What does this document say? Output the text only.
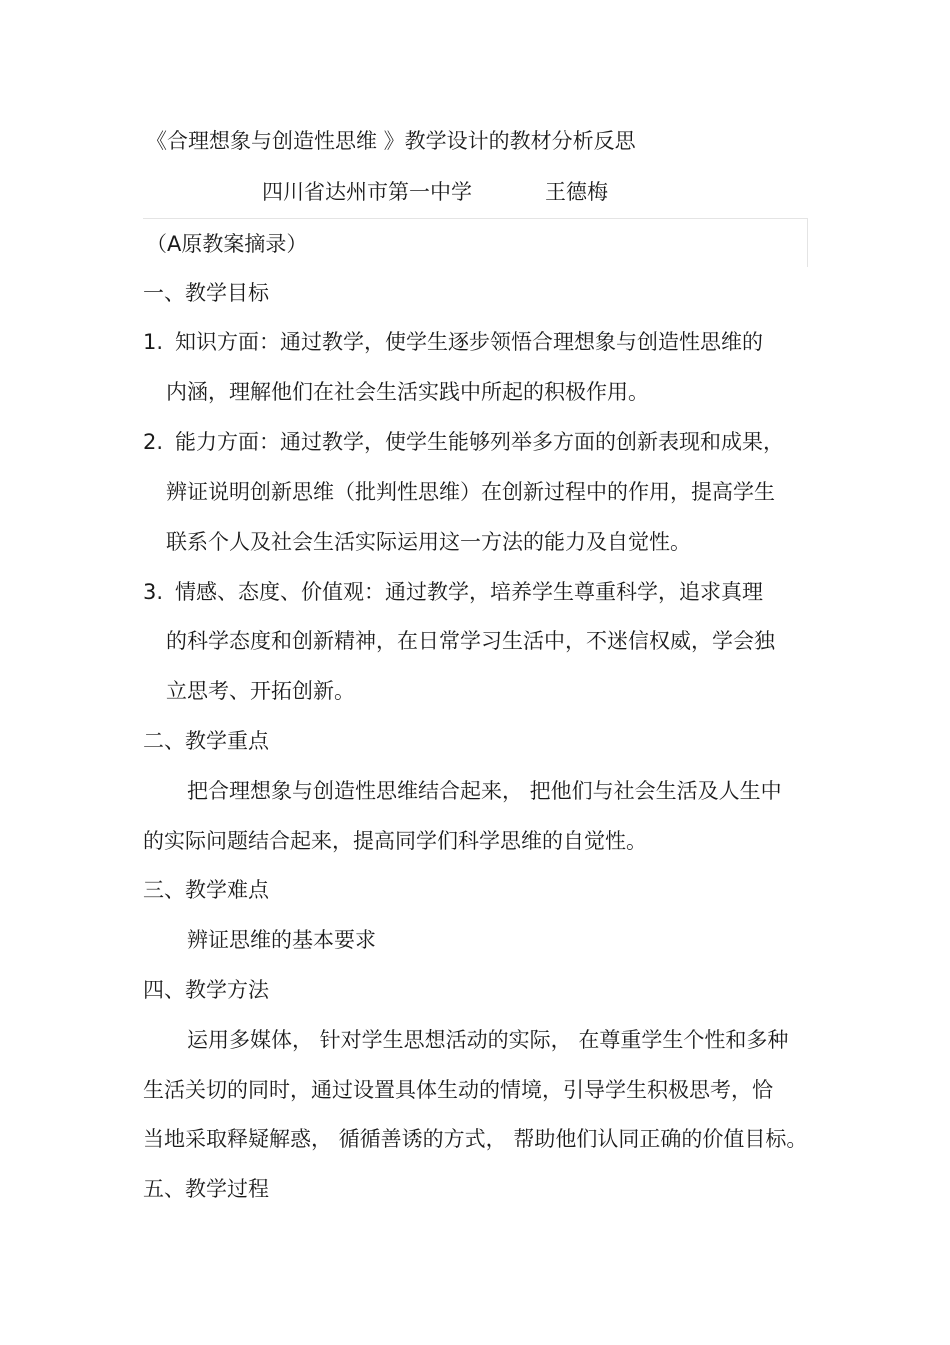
《合理想象与创造性思维 》教学设计的教材分析反思
四川省达州市第一中学	王德梅
（A原教案摘录）
一、教学目标
1. 知识方面：通过教学，使学生逐步领悟合理想象与创造性思维的
内涵，理解他们在社会生活实践中所起的积极作用。
2. 能力方面：通过教学，使学生能够列举多方面的创新表现和成果，
辨证说明创新思维（批判性思维）在创新过程中的作用，提高学生
联系个人及社会生活实际运用这一方法的能力及自觉性。
3. 情感、态度、价值观：通过教学，培养学生尊重科学，追求真理
的科学态度和创新精神，在日常学习生活中，不迷信权威，学会独
立思考、开拓创新。
二、教学重点
把合理想象与创造性思维结合起来， 把他们与社会生活及人生中
的实际问题结合起来，提高同学们科学思维的自觉性。
三、教学难点
辨证思维的基本要求
四、教学方法
运用多媒体， 针对学生思想活动的实际， 在尊重学生个性和多种
生活关切的同时，通过设置具体生动的情境，引导学生积极思考，恰
当地采取释疑解惑， 循循善诱的方式， 帮助他们认同正确的价值目标。
五、教学过程
